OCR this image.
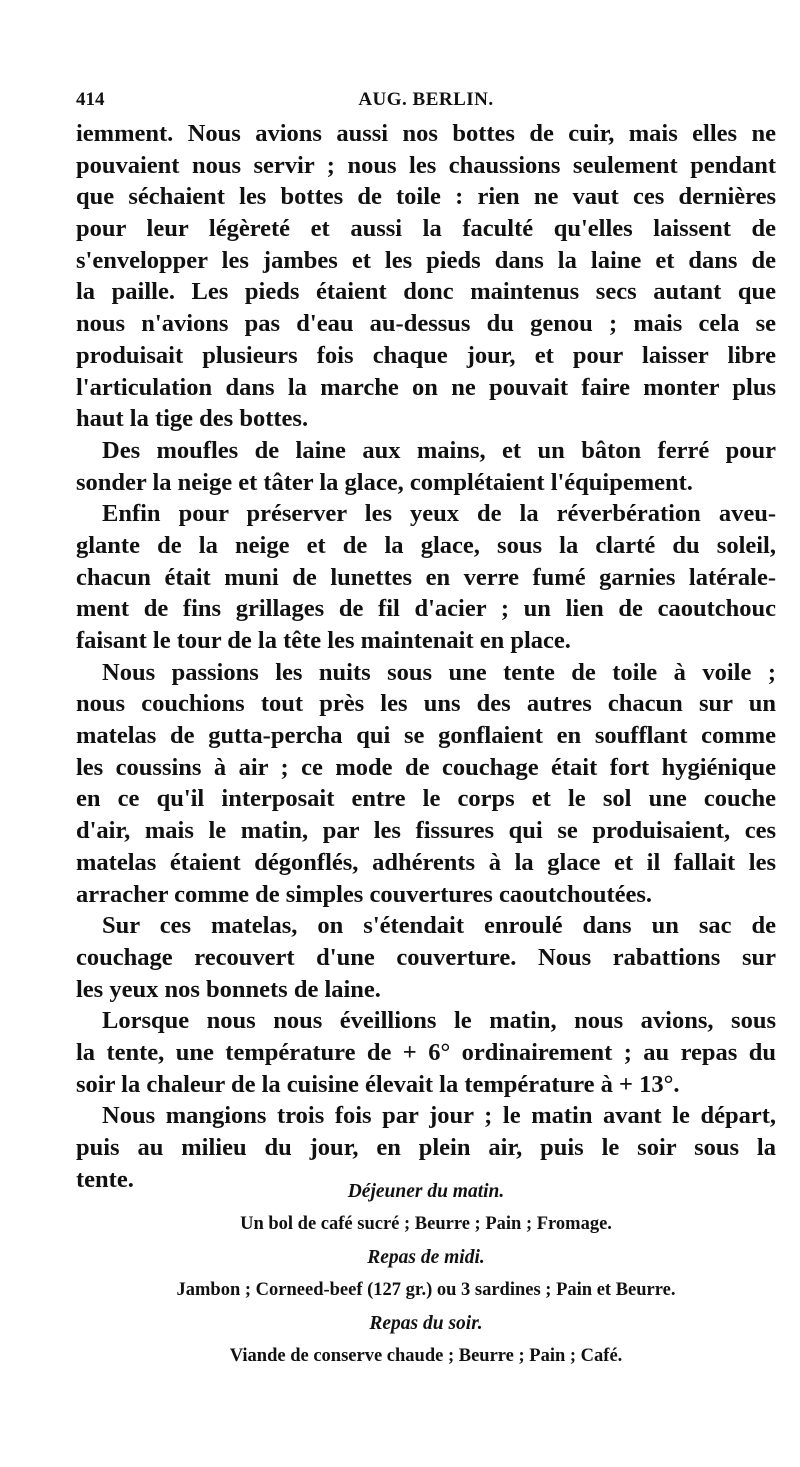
414	AUG. BERLIN.
iemment. Nous avions aussi nos bottes de cuir, mais elles ne
pouvaient nous servir ; nous les chaussions seulement pendant
que séchaient les bottes de toile : rien ne vaut ces dernières
pour leur légèreté et aussi la faculté qu'elles laissent de
s'envelopper les jambes et les pieds dans la laine et dans de
la paille. Les pieds étaient donc maintenus secs autant que
nous n'avions pas d'eau au-dessus du genou ; mais cela se
produisait plusieurs fois chaque jour, et pour laisser libre
l'articulation dans la marche on ne pouvait faire monter plus
haut la tige des bottes.
Des moufles de laine aux mains, et un bâton ferré pour
sonder la neige et tâter la glace, complétaient l'équipement.
Enfin pour préserver les yeux de la réverbération aveu-
glante de la neige et de la glace, sous la clarté du soleil,
chacun était muni de lunettes en verre fumé garnies latérale-
ment de fins grillages de fil d'acier ; un lien de caoutchouc
faisant le tour de la tête les maintenait en place.
Nous passions les nuits sous une tente de toile à voile ;
nous couchions tout près les uns des autres chacun sur un
matelas de gutta-percha qui se gonflaient en soufflant comme
les coussins à air ; ce mode de couchage était fort hygiénique
en ce qu'il interposait entre le corps et le sol une couche
d'air, mais le matin, par les fissures qui se produisaient, ces
matelas étaient dégonflés, adhérents à la glace et il fallait les
arracher comme de simples couvertures caoutchoutées.
Sur ces matelas, on s'étendait enroulé dans un sac de
couchage recouvert d'une couverture. Nous rabattions sur
les yeux nos bonnets de laine.
Lorsque nous nous éveillions le matin, nous avions, sous
la tente, une température de + 6° ordinairement ; au repas du
soir la chaleur de la cuisine élevait la température à + 13°.
Nous mangions trois fois par jour ; le matin avant le départ,
puis au milieu du jour, en plein air, puis le soir sous la
tente.	Déjeuner du matin.
Un bol de café sucré ; Beurre ; Pain ; Fromage.
Repas de midi.
Jambon ; Corneed-beef (127 gr.) ou 3 sardines ; Pain et Beurre.
Repas du soir.
Viande de conserve chaude ; Beurre ; Pain ; Café.
